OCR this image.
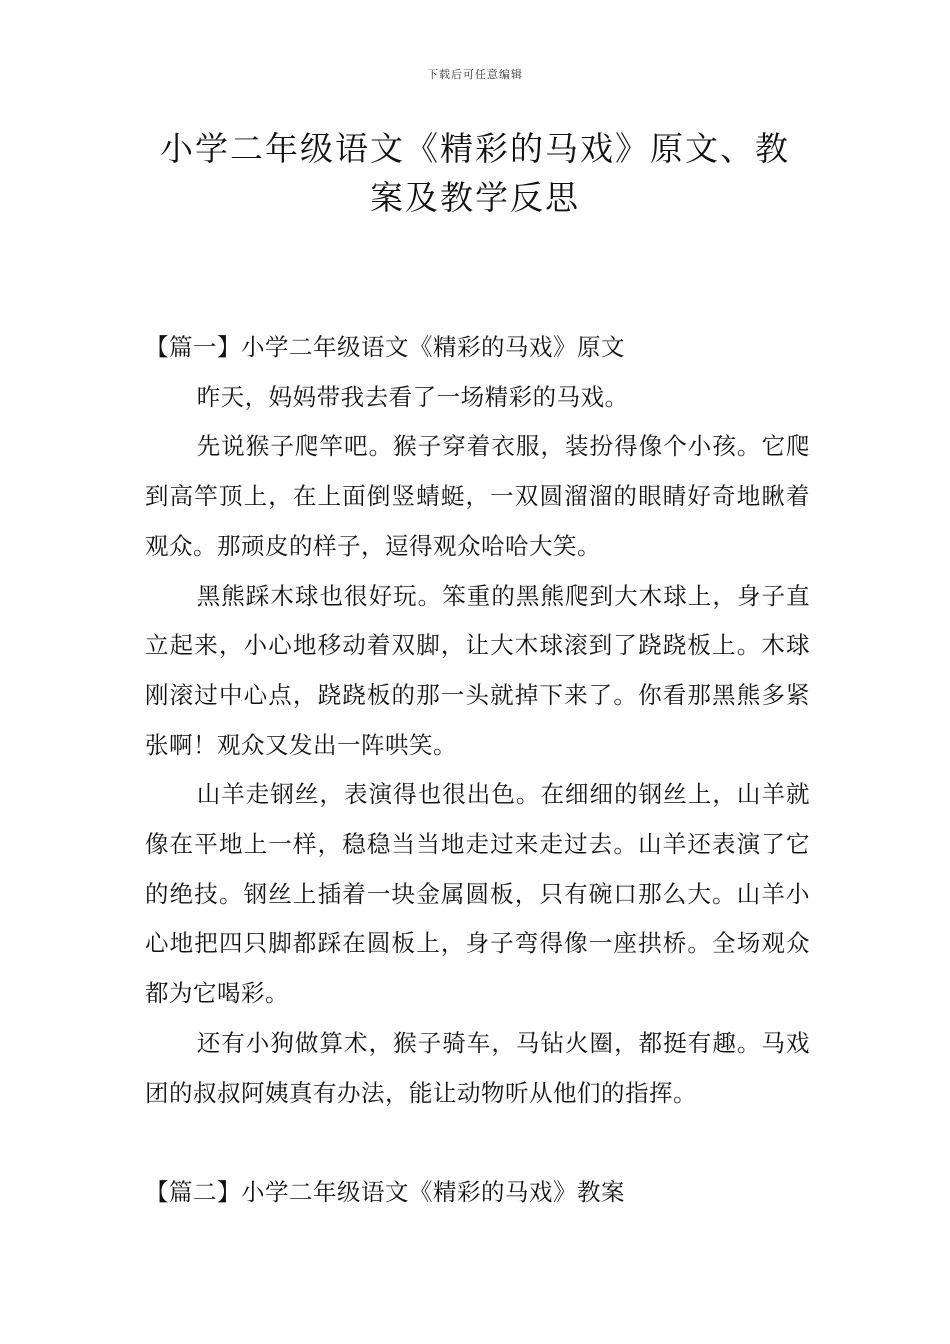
下载后可任意编辑
小学二年级语文《精彩的马戏》原文、教
案及教学反思
【篇一】小学二年级语文《精彩的马戏》原文

昨天，妈妈带我去看了一场精彩的马戏。

先说猴子爬竿吧。猴子穿着衣服，装扮得像个小孩。它爬到高竿顶上，在上面倒竖蜻蜓，一双圆溜溜的眼睛好奇地瞅着观众。那顽皮的样子，逗得观众哈哈大笑。

黑熊踩木球也很好玩。笨重的黑熊爬到大木球上，身子直立起来，小心地移动着双脚，让大木球滚到了跷跷板上。木球刚滚过中心点，跷跷板的那一头就掉下来了。你看那黑熊多紧张啊！观众又发出一阵哄笑。

山羊走钢丝，表演得也很出色。在细细的钢丝上，山羊就像在平地上一样，稳稳当当地走过来走过去。山羊还表演了它的绝技。钢丝上插着一块金属圆板，只有碗口那么大。山羊小心地把四只脚都踩在圆板上，身子弯得像一座拱桥。全场观众都为它喝彩。

还有小狗做算术，猴子骑车，马钻火圈，都挺有趣。马戏团的叔叔阿姨真有办法，能让动物听从他们的指挥。

【篇二】小学二年级语文《精彩的马戏》教案
